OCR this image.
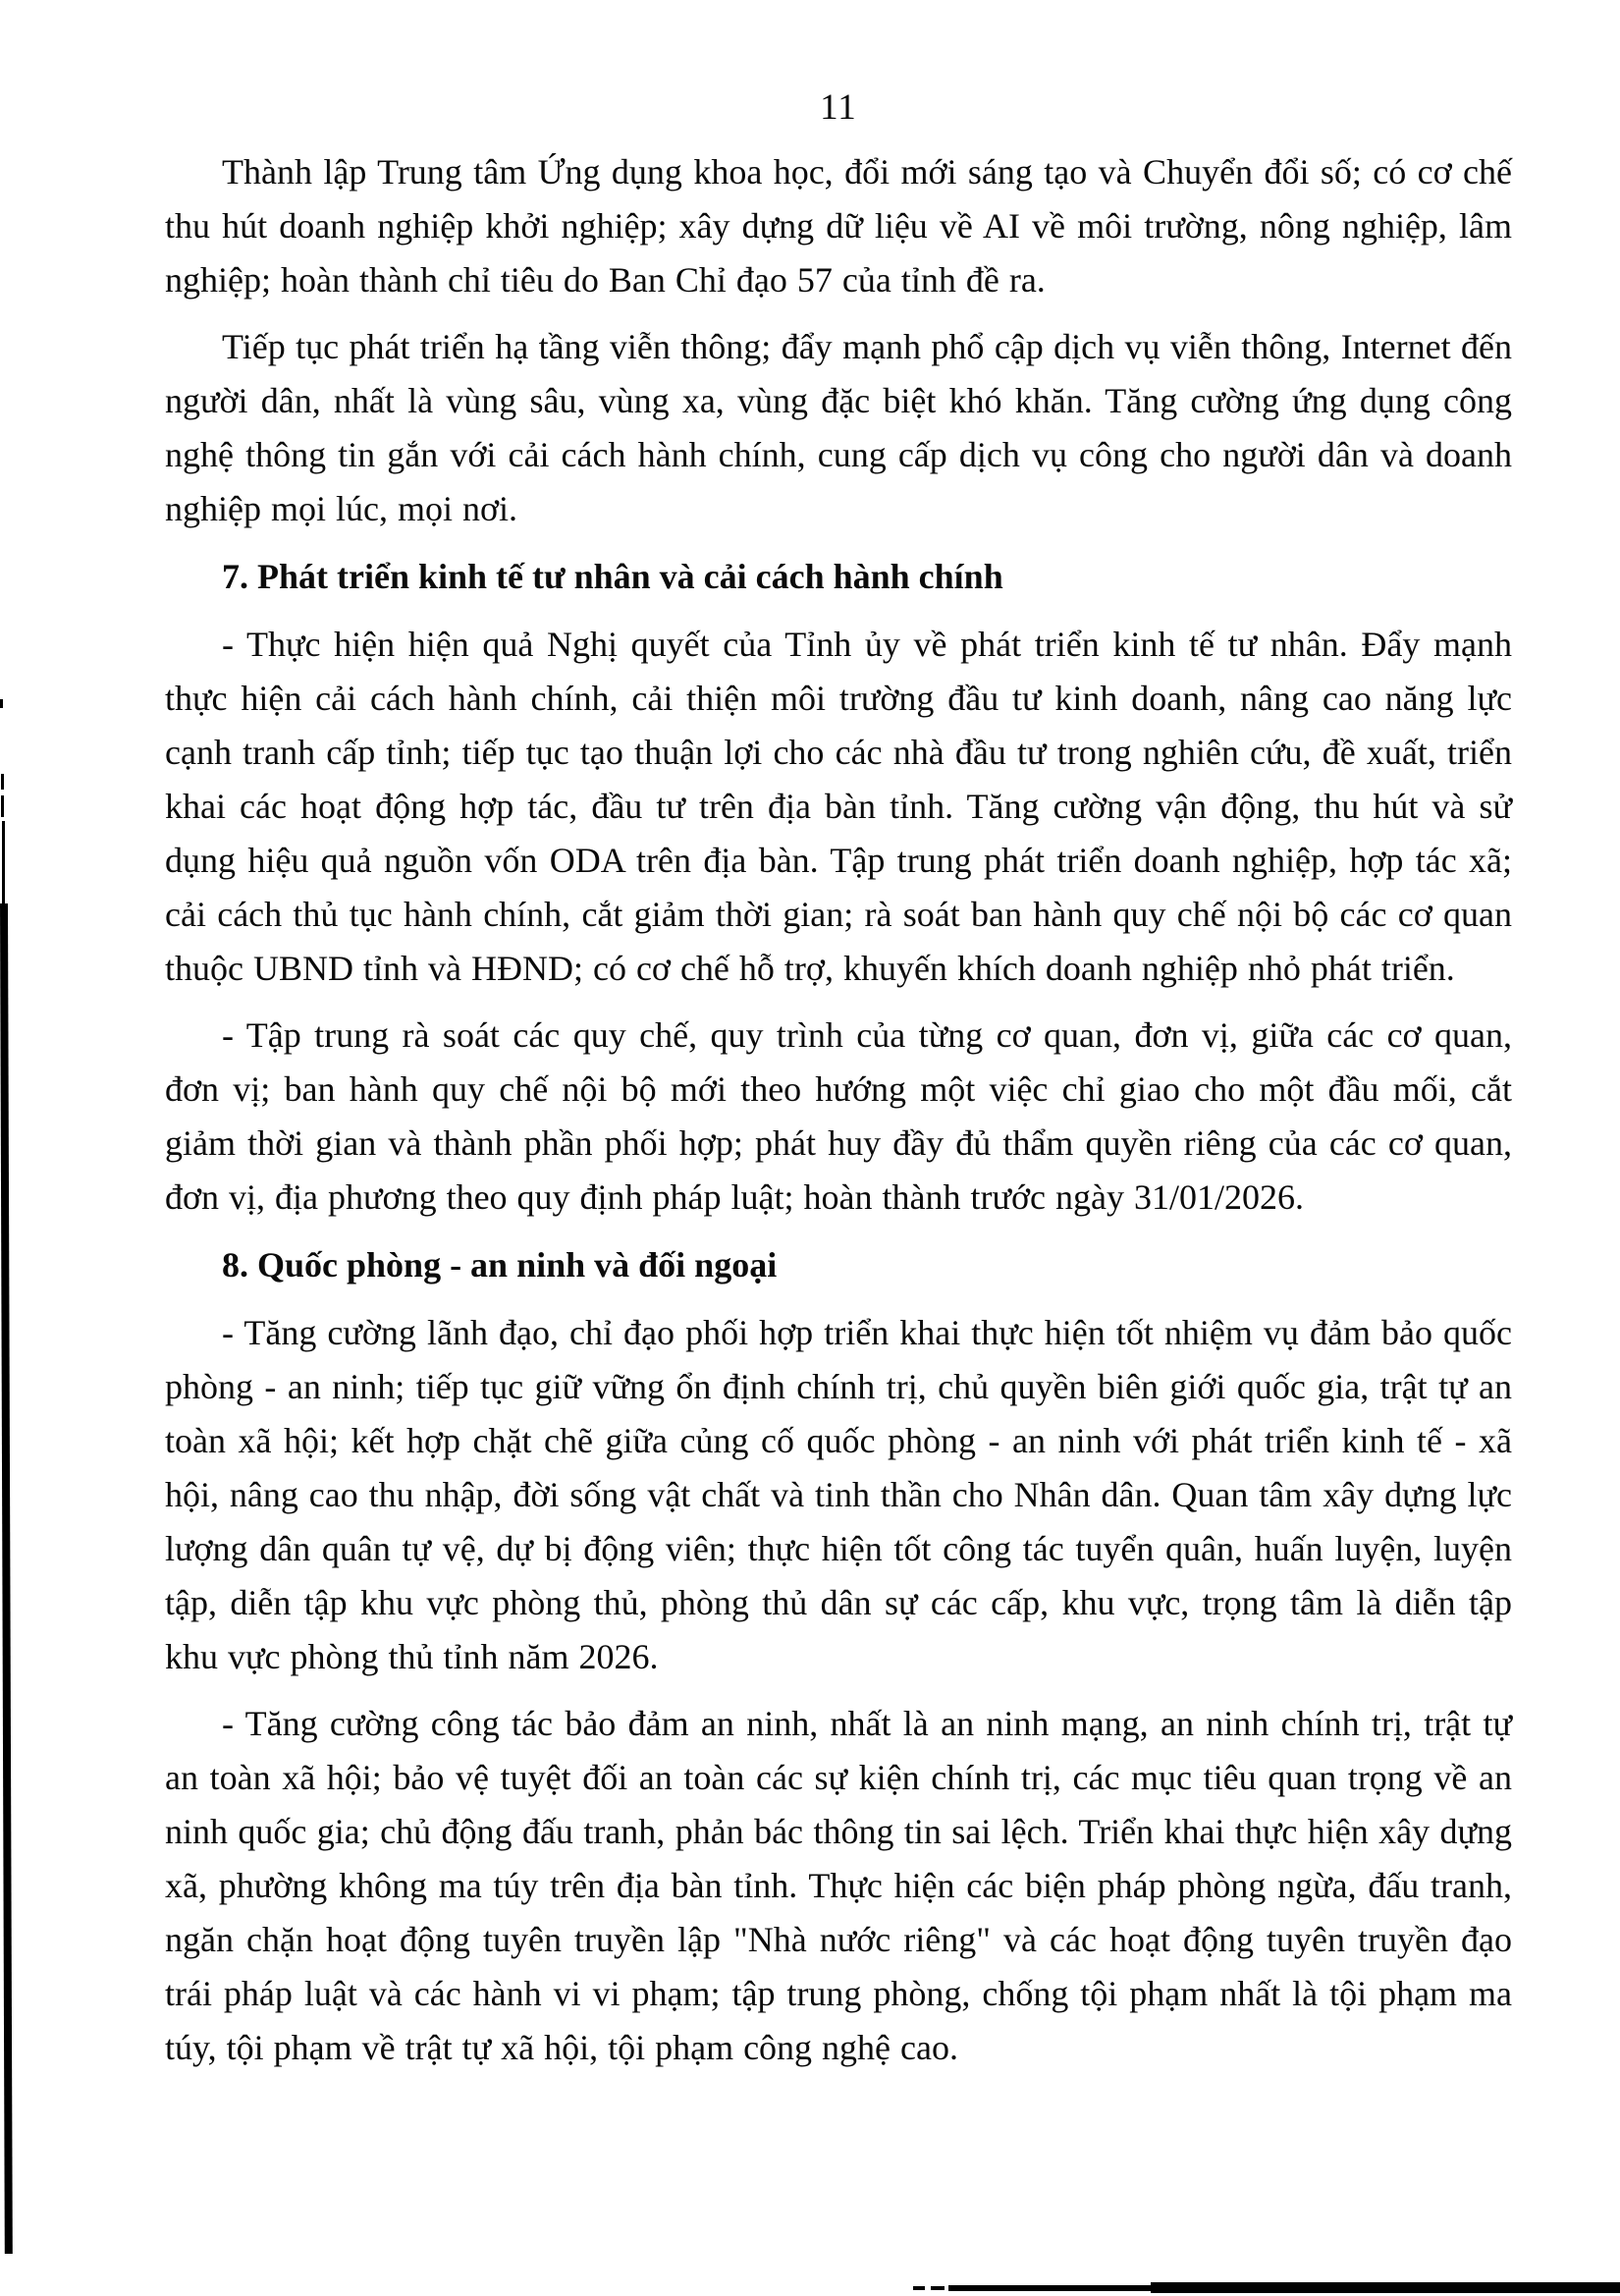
11

Thành lập Trung tâm Ứng dụng khoa học, đổi mới sáng tạo và Chuyển đổi số; có cơ chế thu hút doanh nghiệp khởi nghiệp; xây dựng dữ liệu về AI về môi trường, nông nghiệp, lâm nghiệp; hoàn thành chỉ tiêu do Ban Chỉ đạo 57 của tỉnh đề ra.

Tiếp tục phát triển hạ tầng viễn thông; đẩy mạnh phổ cập dịch vụ viễn thông, Internet đến người dân, nhất là vùng sâu, vùng xa, vùng đặc biệt khó khăn. Tăng cường ứng dụng công nghệ thông tin gắn với cải cách hành chính, cung cấp dịch vụ công cho người dân và doanh nghiệp mọi lúc, mọi nơi.

7. Phát triển kinh tế tư nhân và cải cách hành chính

- Thực hiện hiện quả Nghị quyết của Tỉnh ủy về phát triển kinh tế tư nhân. Đẩy mạnh thực hiện cải cách hành chính, cải thiện môi trường đầu tư kinh doanh, nâng cao năng lực cạnh tranh cấp tỉnh; tiếp tục tạo thuận lợi cho các nhà đầu tư trong nghiên cứu, đề xuất, triển khai các hoạt động hợp tác, đầu tư trên địa bàn tỉnh. Tăng cường vận động, thu hút và sử dụng hiệu quả nguồn vốn ODA trên địa bàn. Tập trung phát triển doanh nghiệp, hợp tác xã; cải cách thủ tục hành chính, cắt giảm thời gian; rà soát ban hành quy chế nội bộ các cơ quan thuộc UBND tỉnh và HĐND; có cơ chế hỗ trợ, khuyến khích doanh nghiệp nhỏ phát triển.

- Tập trung rà soát các quy chế, quy trình của từng cơ quan, đơn vị, giữa các cơ quan, đơn vị; ban hành quy chế nội bộ mới theo hướng một việc chỉ giao cho một đầu mối, cắt giảm thời gian và thành phần phối hợp; phát huy đầy đủ thẩm quyền riêng của các cơ quan, đơn vị, địa phương theo quy định pháp luật; hoàn thành trước ngày 31/01/2026.

8. Quốc phòng - an ninh và đối ngoại

- Tăng cường lãnh đạo, chỉ đạo phối hợp triển khai thực hiện tốt nhiệm vụ đảm bảo quốc phòng - an ninh; tiếp tục giữ vững ổn định chính trị, chủ quyền biên giới quốc gia, trật tự an toàn xã hội; kết hợp chặt chẽ giữa củng cố quốc phòng - an ninh với phát triển kinh tế - xã hội, nâng cao thu nhập, đời sống vật chất và tinh thần cho Nhân dân. Quan tâm xây dựng lực lượng dân quân tự vệ, dự bị động viên; thực hiện tốt công tác tuyển quân, huấn luyện, luyện tập, diễn tập khu vực phòng thủ, phòng thủ dân sự các cấp, khu vực, trọng tâm là diễn tập khu vực phòng thủ tỉnh năm 2026.

- Tăng cường công tác bảo đảm an ninh, nhất là an ninh mạng, an ninh chính trị, trật tự an toàn xã hội; bảo vệ tuyệt đối an toàn các sự kiện chính trị, các mục tiêu quan trọng về an ninh quốc gia; chủ động đấu tranh, phản bác thông tin sai lệch. Triển khai thực hiện xây dựng xã, phường không ma túy trên địa bàn tỉnh. Thực hiện các biện pháp phòng ngừa, đấu tranh, ngăn chặn hoạt động tuyên truyền lập "Nhà nước riêng" và các hoạt động tuyên truyền đạo trái pháp luật và các hành vi vi phạm; tập trung phòng, chống tội phạm nhất là tội phạm ma túy, tội phạm về trật tự xã hội, tội phạm công nghệ cao.
